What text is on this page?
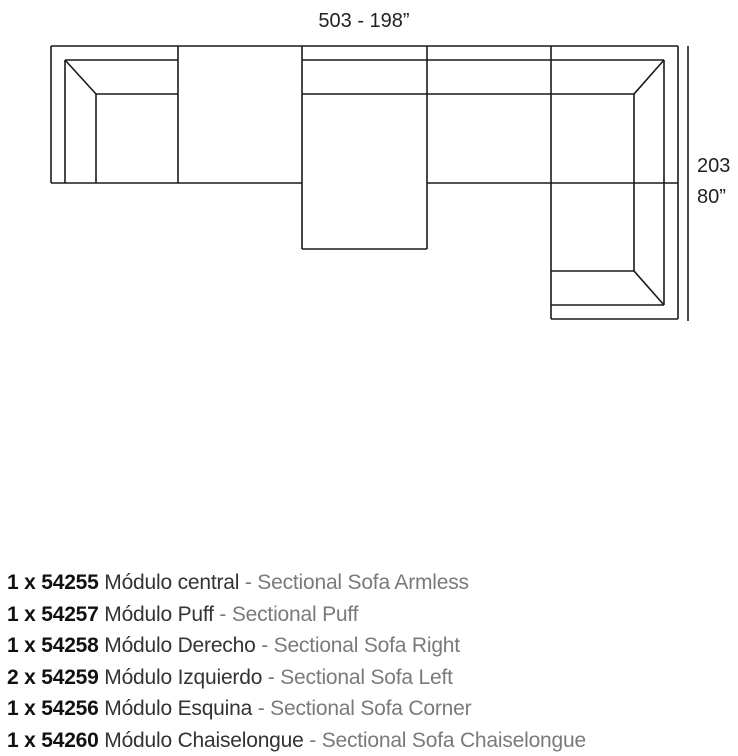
503 - 198”
203
80”
1 x 54255 Módulo central - Sectional Sofa Armless
1 x 54257 Módulo Puff - Sectional Puff
1 x 54258 Módulo Derecho - Sectional Sofa Right
2 x 54259 Módulo Izquierdo - Sectional Sofa Left
1 x 54256 Módulo Esquina - Sectional Sofa Corner
1 x 54260 Módulo Chaiselongue - Sectional Sofa Chaiselongue
